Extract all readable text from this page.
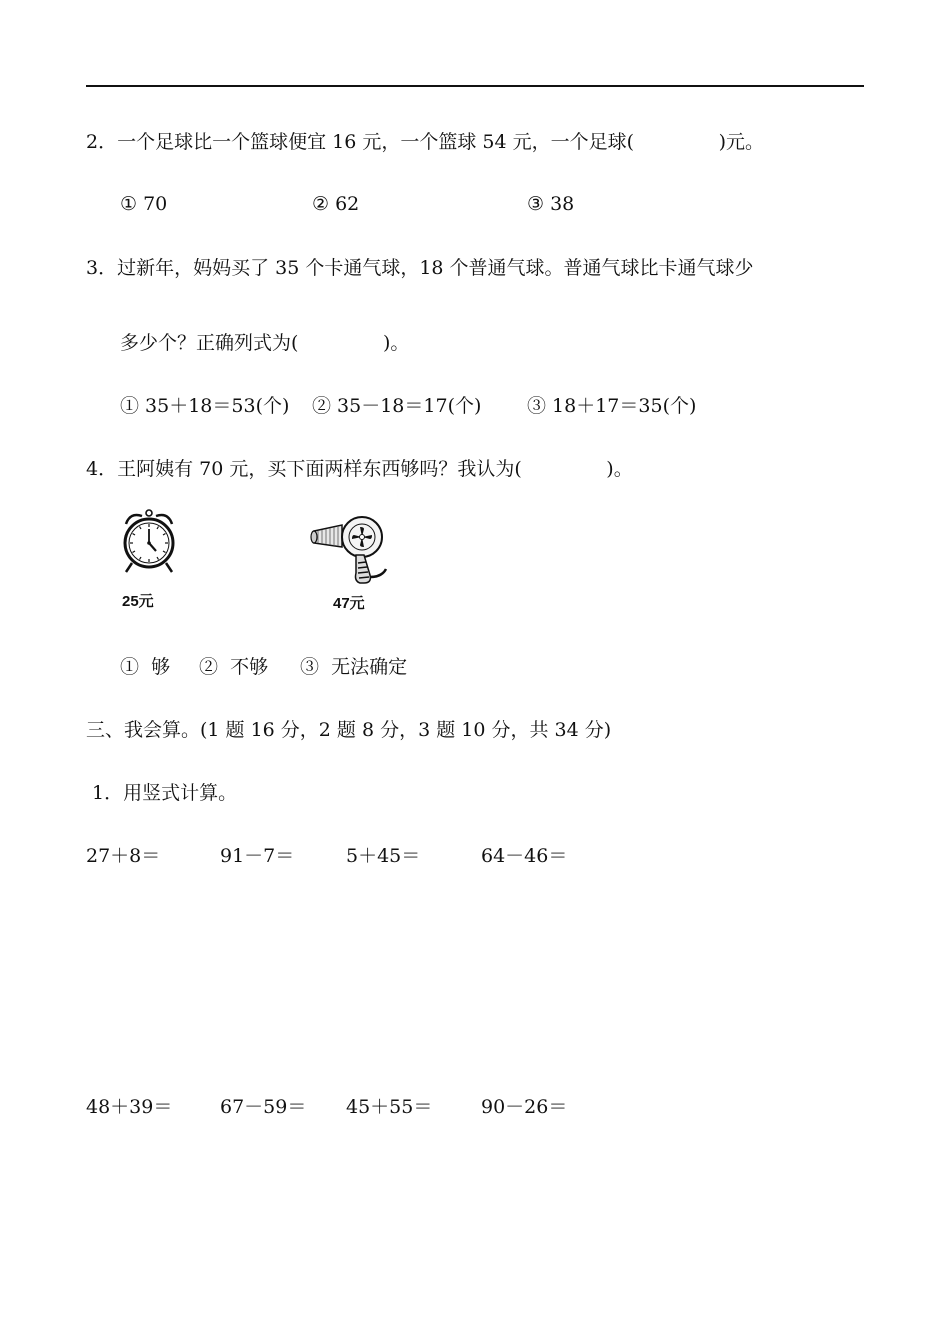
2．一个足球比一个篮球便宜 16 元，一个篮球 54 元，一个足球(              )元。
① 70	② 62	③ 38
3．过新年，妈妈买了 35 个卡通气球，18 个普通气球。普通气球比卡通气球少
多少个？正确列式为(              )。
① 35＋18＝53(个) ② 35－18＝17(个) ③ 18＋17＝35(个)
4．王阿姨有 70 元，买下面两样东西够吗？我认为(              )。
25元	47元
①  够 ②  不够 ③  无法确定
三、我会算。(1 题 16 分，2 题 8 分，3 题 10 分，共 34 分)
1．用竖式计算。
27＋8＝	91－7＝	5＋45＝	64－46＝
48＋39＝	67－59＝ 45＋55＝	90－26＝
